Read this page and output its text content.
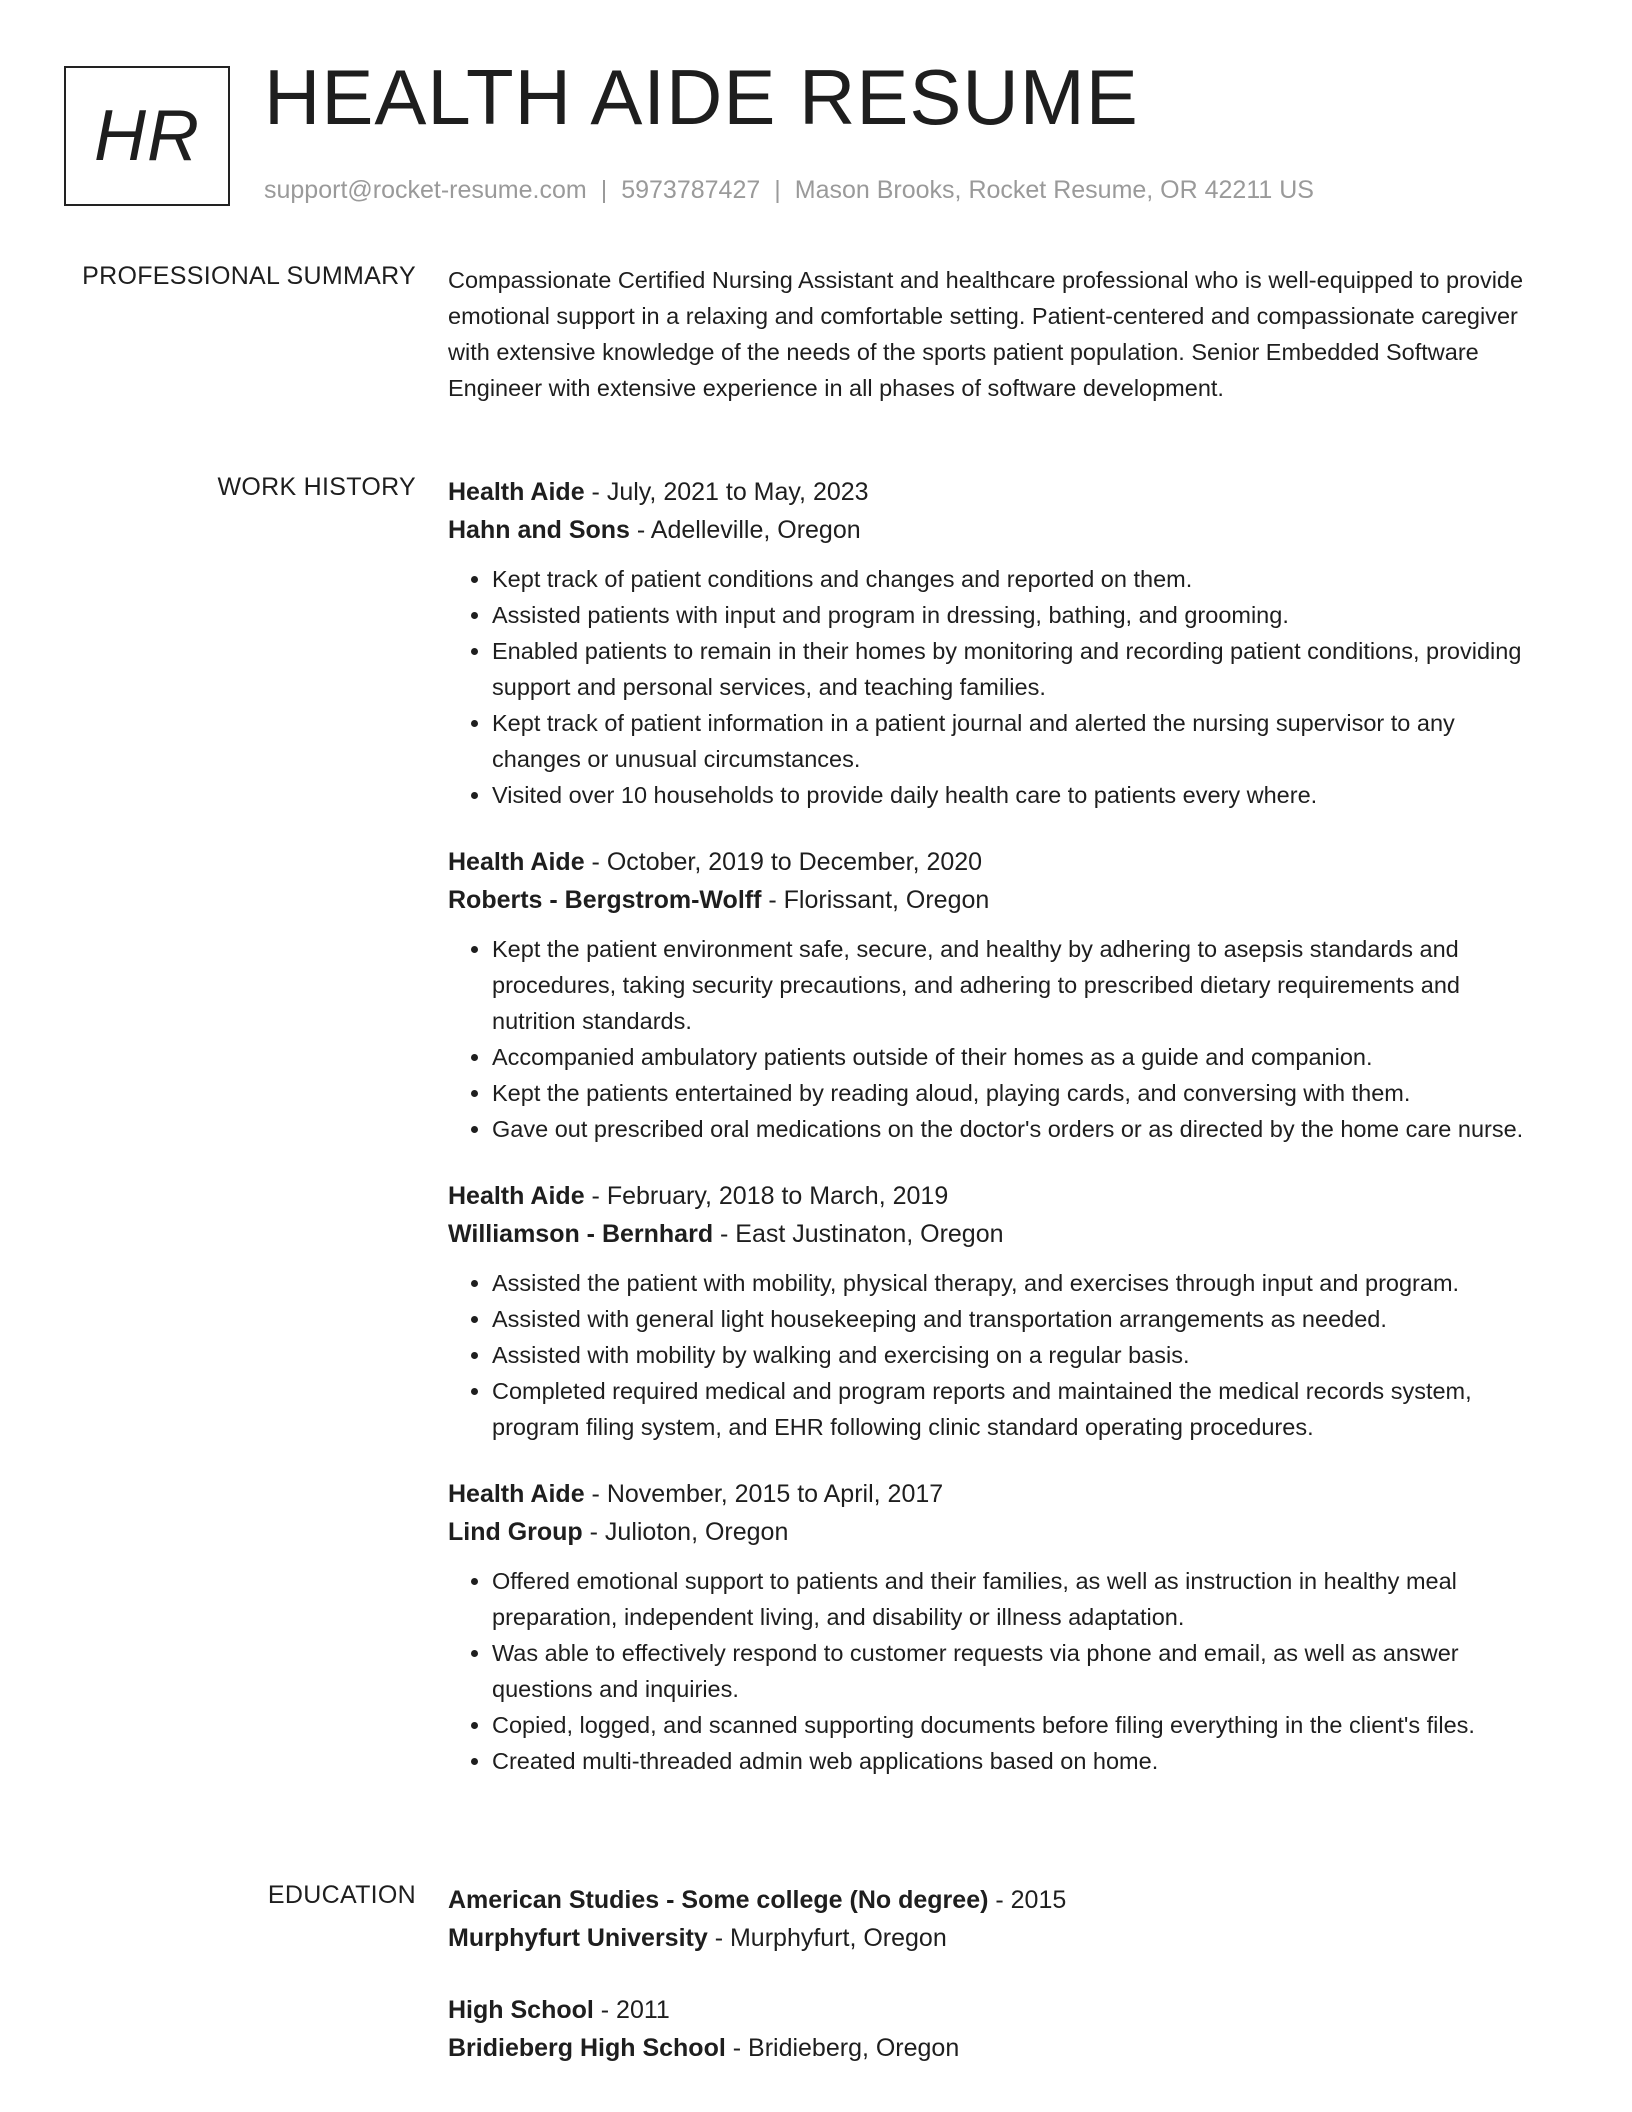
HR HEALTH AIDE RESUME
support@rocket-resume.com | 5973787427 | Mason Brooks, Rocket Resume, OR 42211 US
PROFESSIONAL SUMMARY Compassionate Certified Nursing Assistant and healthcare professional who is well-equipped to provide emotional support in a relaxing and comfortable setting. Patient-centered and compassionate caregiver with extensive knowledge of the needs of the sports patient population. Senior Embedded Software Engineer with extensive experience in all phases of software development.

WORK HISTORY Health Aide - July, 2021 to May, 2023
Hahn and Sons - Adelleville, Oregon
• Kept track of patient conditions and changes and reported on them.
• Assisted patients with input and program in dressing, bathing, and grooming.
• Enabled patients to remain in their homes by monitoring and recording patient conditions, providing support and personal services, and teaching families.
• Kept track of patient information in a patient journal and alerted the nursing supervisor to any changes or unusual circumstances.
• Visited over 10 households to provide daily health care to patients every where.
Health Aide - October, 2019 to December, 2020
Roberts - Bergstrom-Wolff - Florissant, Oregon
• Kept the patient environment safe, secure, and healthy by adhering to asepsis standards and procedures, taking security precautions, and adhering to prescribed dietary requirements and nutrition standards.
• Accompanied ambulatory patients outside of their homes as a guide and companion.
• Kept the patients entertained by reading aloud, playing cards, and conversing with them.
• Gave out prescribed oral medications on the doctor's orders or as directed by the home care nurse.
Health Aide - February, 2018 to March, 2019
Williamson - Bernhard - East Justinaton, Oregon
• Assisted the patient with mobility, physical therapy, and exercises through input and program.
• Assisted with general light housekeeping and transportation arrangements as needed.
• Assisted with mobility by walking and exercising on a regular basis.
• Completed required medical and program reports and maintained the medical records system, program filing system, and EHR following clinic standard operating procedures.
Health Aide - November, 2015 to April, 2017
Lind Group - Julioton, Oregon
• Offered emotional support to patients and their families, as well as instruction in healthy meal preparation, independent living, and disability or illness adaptation.
• Was able to effectively respond to customer requests via phone and email, as well as answer questions and inquiries.
• Copied, logged, and scanned supporting documents before filing everything in the client's files.
• Created multi-threaded admin web applications based on home.
EDUCATION American Studies - Some college (No degree) - 2015
Murphyfurt University - Murphyfurt, Oregon
High School - 2011
Bridieberg High School - Bridieberg, Oregon
